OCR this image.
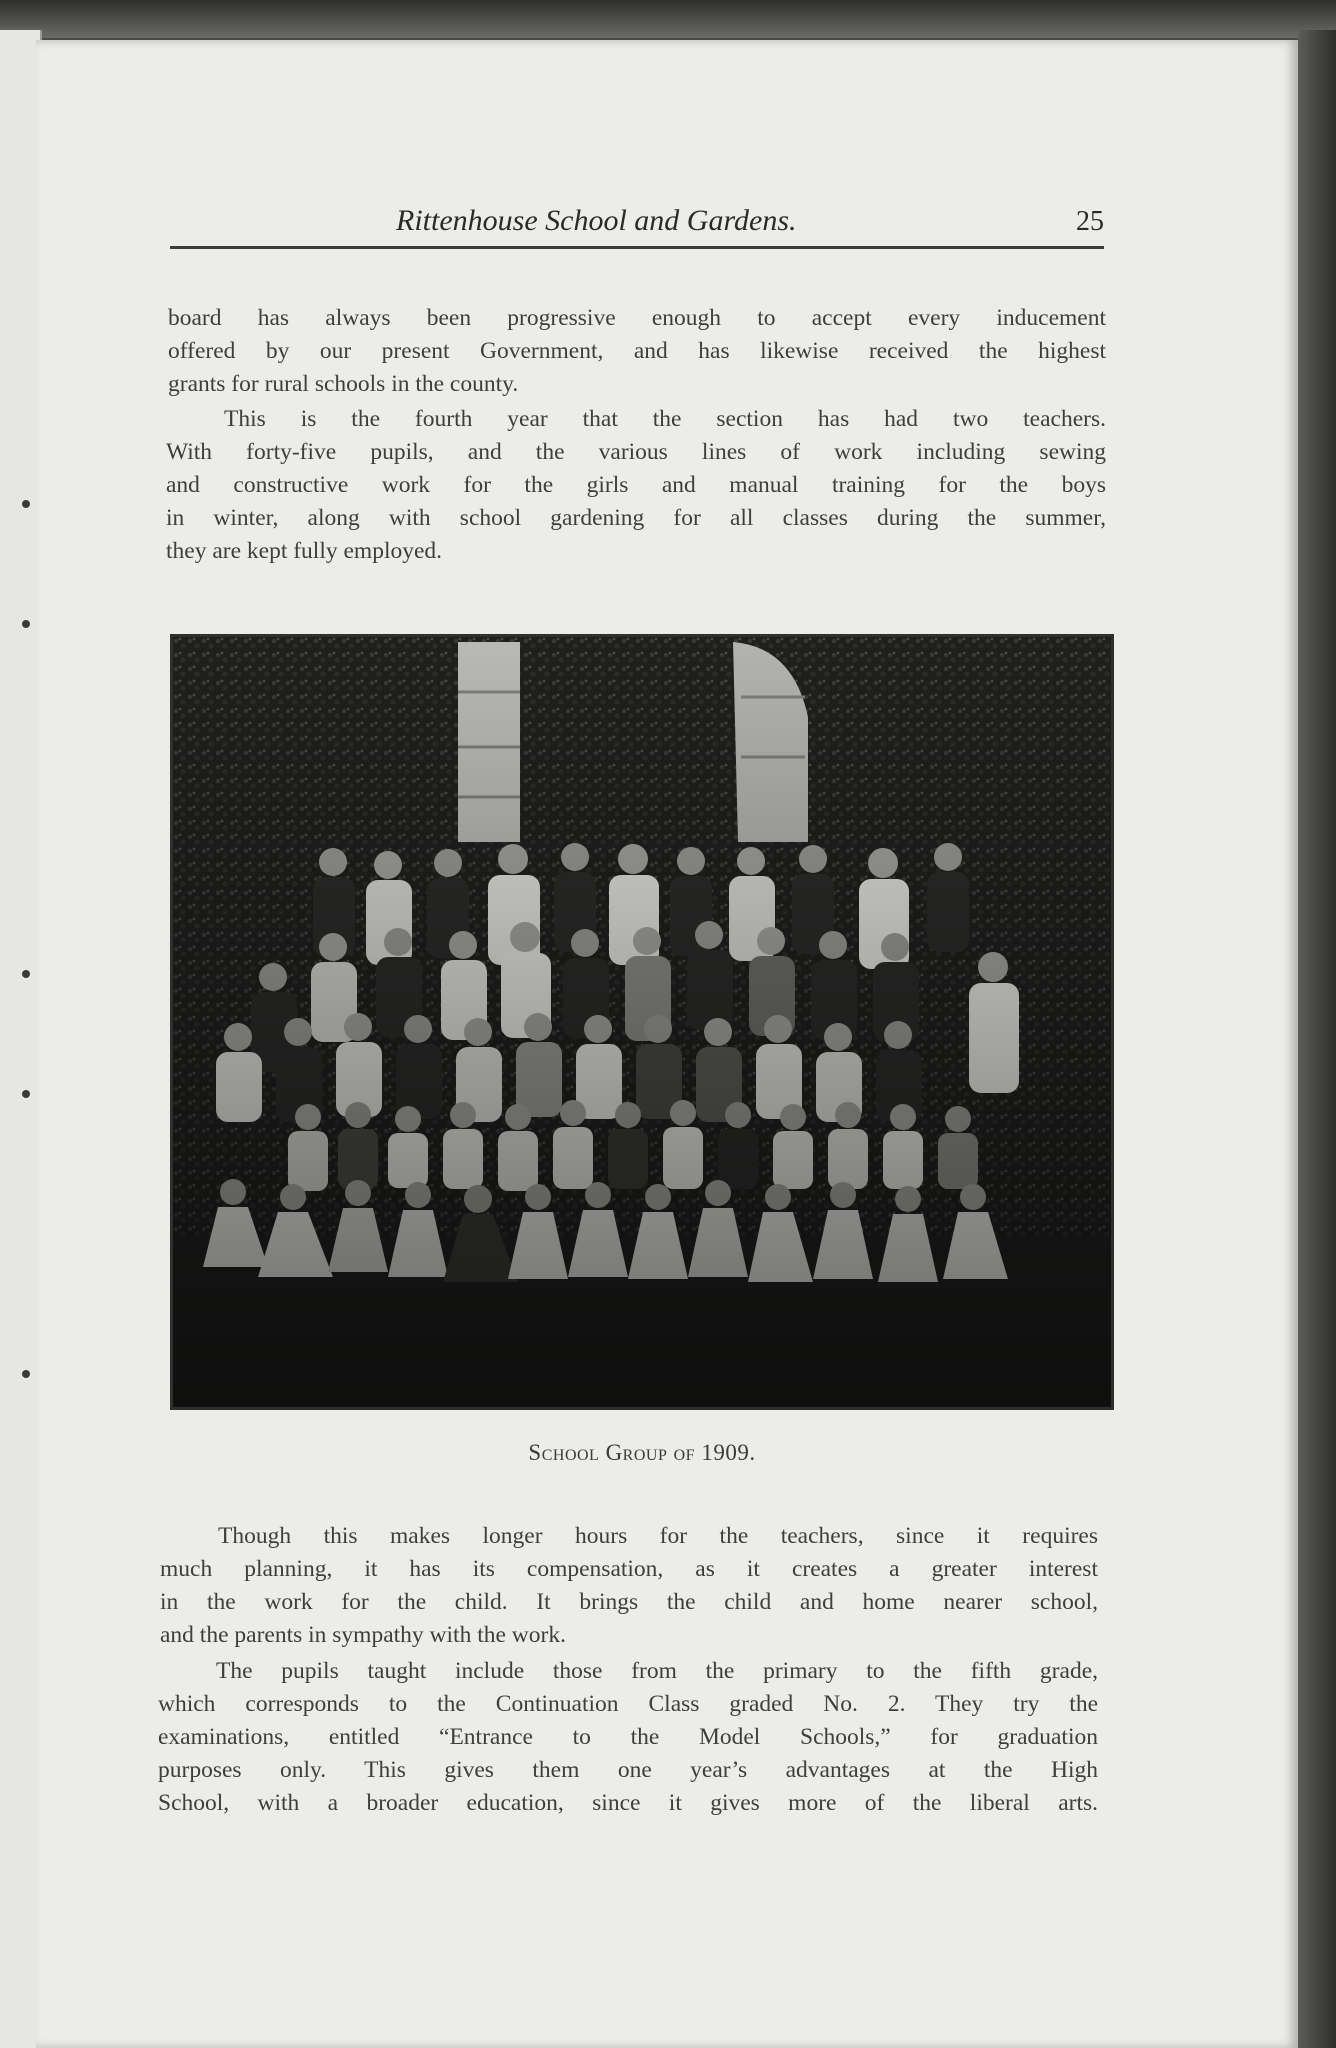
Rittenhouse School and Gardens.	25
board has always been progressive enough to accept every inducement
offered by our present Government, and has likewise received the highest
grants for rural schools in the county.
This is the fourth year that the section has had two teachers.
With forty-five pupils, and the various lines of work including sewing
and constructive work for the girls and manual training for the boys
in winter, along with school gardening for all classes during the summer,
they are kept fully employed.
School Group of 1909.
Though this makes longer hours for the teachers, since it requires
much planning, it has its compensation, as it creates a greater interest
in the work for the child. It brings the child and home nearer school,
and the parents in sympathy with the work.
The pupils taught include those from the primary to the fifth grade,
which corresponds to the Continuation Class graded No. 2. They try the
examinations, entitled “Entrance to the Model Schools,” for graduation
purposes only. This gives them one year’s advantages at the High
School, with a broader education, since it gives more of the liberal arts.
